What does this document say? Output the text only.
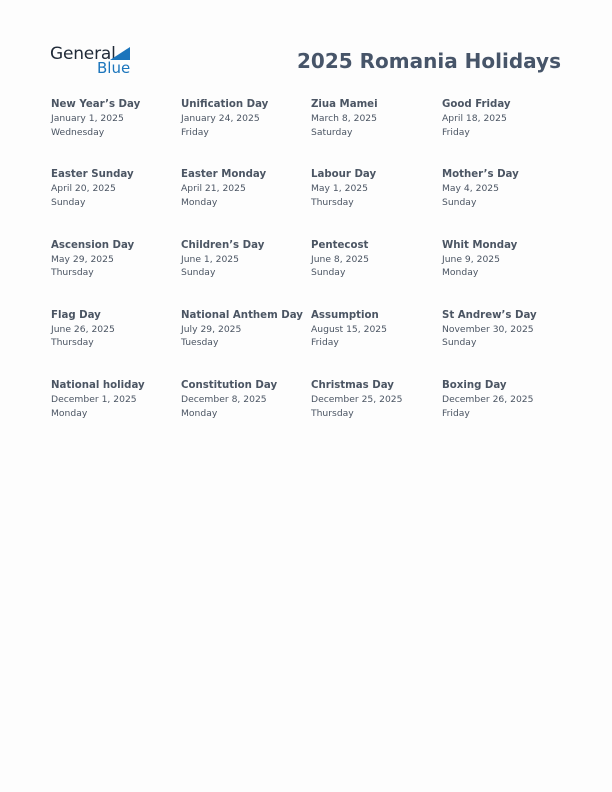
General
Blue	2025 Romania Holidays
New Year’s Day
January 1, 2025
Wednesday
Unification Day
January 24, 2025
Friday
Ziua Mamei
March 8, 2025
Saturday
Good Friday
April 18, 2025
Friday
Easter Sunday
April 20, 2025
Sunday
Easter Monday
April 21, 2025
Monday
Labour Day
May 1, 2025
Thursday
Mother’s Day
May 4, 2025
Sunday
Ascension Day
May 29, 2025
Thursday
Children’s Day
June 1, 2025
Sunday
Pentecost
June 8, 2025
Sunday
Whit Monday
June 9, 2025
Monday
Flag Day
June 26, 2025
Thursday
National Anthem Day
July 29, 2025
Tuesday
Assumption
August 15, 2025
Friday
St Andrew’s Day
November 30, 2025
Sunday
National holiday
December 1, 2025
Monday
Constitution Day
December 8, 2025
Monday
Christmas Day
December 25, 2025
Thursday
Boxing Day
December 26, 2025
Friday
